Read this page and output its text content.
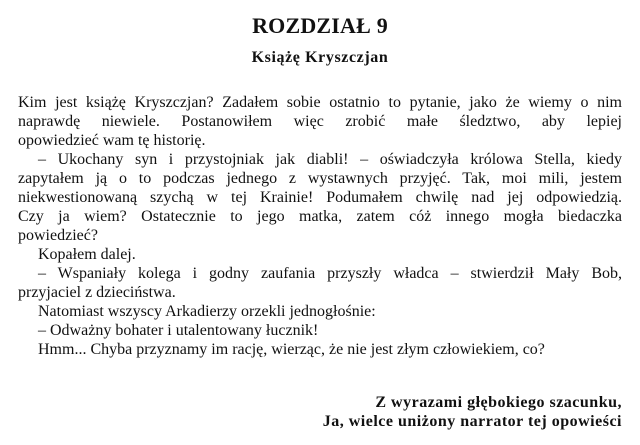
ROZDZIAŁ 9
Książę Kryszczjan
Kim jest książę Kryszczjan? Zadałem sobie ostatnio to pytanie, jako że wiemy o nim
naprawdę niewiele. Postanowiłem więc zrobić małe śledztwo, aby lepiej
opowiedzieć wam tę historię.
– Ukochany syn i przystojniak jak diabli! – oświadczyła królowa Stella, kiedy
zapytałem ją o to podczas jednego z wystawnych przyjęć. Tak, moi mili, jestem
niekwestionowaną szychą w tej Krainie! Podumałem chwilę nad jej odpowiedzią.
Czy ja wiem? Ostatecznie to jego matka, zatem cóż innego mogła biedaczka
powiedzieć?
Kopałem dalej.
– Wspaniały kolega i godny zaufania przyszły władca – stwierdził Mały Bob,
przyjaciel z dzieciństwa.
Natomiast wszyscy Arkadierzy orzekli jednogłośnie:
– Odważny bohater i utalentowany łucznik!
Hmm... Chyba przyznamy im rację, wierząc, że nie jest złym człowiekiem, co?
Z wyrazami głębokiego szacunku,
Ja, wielce uniżony narrator tej opowieści
